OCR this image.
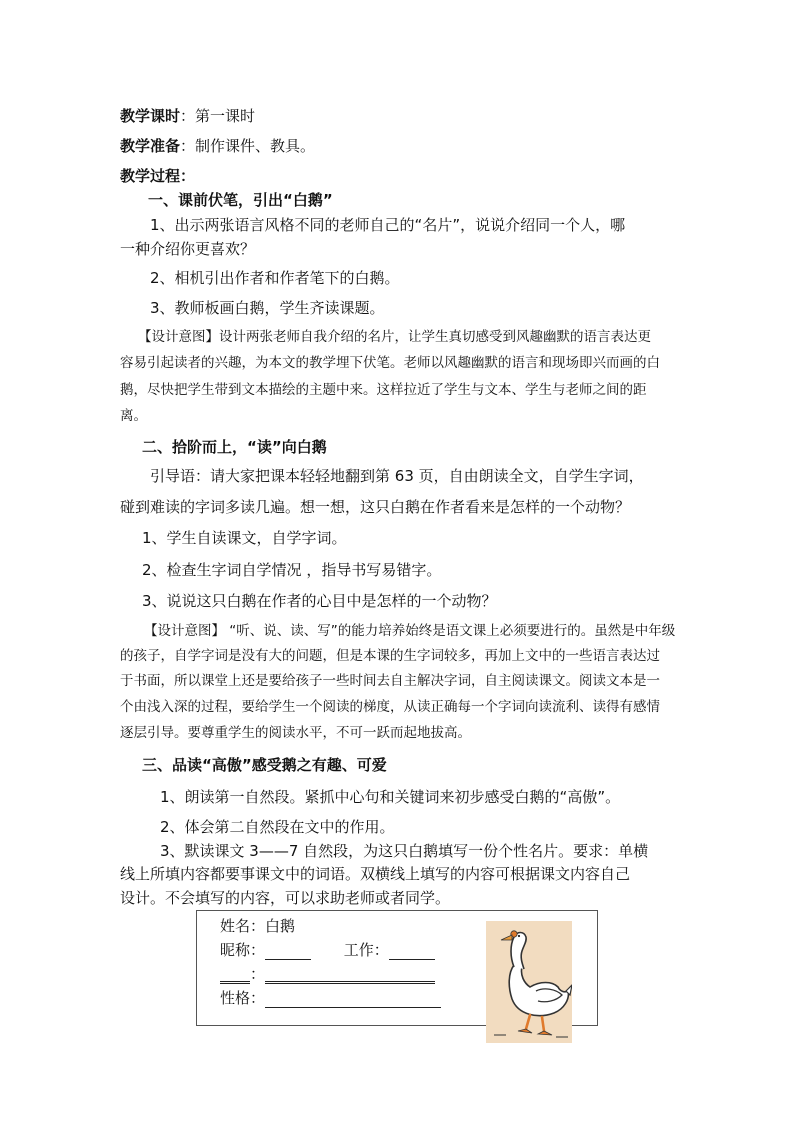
教学课时：第一课时
教学准备：制作课件、教具。
教学过程：
一、课前伏笔，引出“白鹅”
1、出示两张语言风格不同的老师自己的“名片”，说说介绍同一个人，哪
一种介绍你更喜欢？
2、相机引出作者和作者笔下的白鹅。
3、教师板画白鹅，学生齐读课题。
【设计意图】设计两张老师自我介绍的名片，让学生真切感受到风趣幽默的语言表达更
容易引起读者的兴趣，为本文的教学埋下伏笔。老师以风趣幽默的语言和现场即兴而画的白
鹅，尽快把学生带到文本描绘的主题中来。这样拉近了学生与文本、学生与老师之间的距
离。
二、拾阶而上，“读”向白鹅
引导语：请大家把课本轻轻地翻到第 63 页，自由朗读全文，自学生字词，
碰到难读的字词多读几遍。想一想，这只白鹅在作者看来是怎样的一个动物？
1、学生自读课文，自学字词。
2、检查生字词自学情况 ，指导书写易错字。
3、说说这只白鹅在作者的心目中是怎样的一个动物？
【设计意图】 “听、说、读、写”的能力培养始终是语文课上必须要进行的。虽然是中年级
的孩子，自学字词是没有大的问题，但是本课的生字词较多，再加上文中的一些语言表达过
于书面，所以课堂上还是要给孩子一些时间去自主解决字词，自主阅读课文。阅读文本是一
个由浅入深的过程，要给学生一个阅读的梯度，从读正确每一个字词向读流利、读得有感情
逐层引导。要尊重学生的阅读水平，不可一跃而起地拔高。
三、品读“高傲”感受鹅之有趣、可爱
1、朗读第一自然段。紧抓中心句和关键词来初步感受白鹅的“高傲”。
2、体会第二自然段在文中的作用。
3、默读课文 3——7 自然段，为这只白鹅填写一份个性名片。要求：单横
线上所填内容都要事课文中的词语。双横线上填写的内容可根据课文内容自己
设计。不会填写的内容，可以求助老师或者同学。
姓名：白鹅
昵称：	工作：
：
性格：
